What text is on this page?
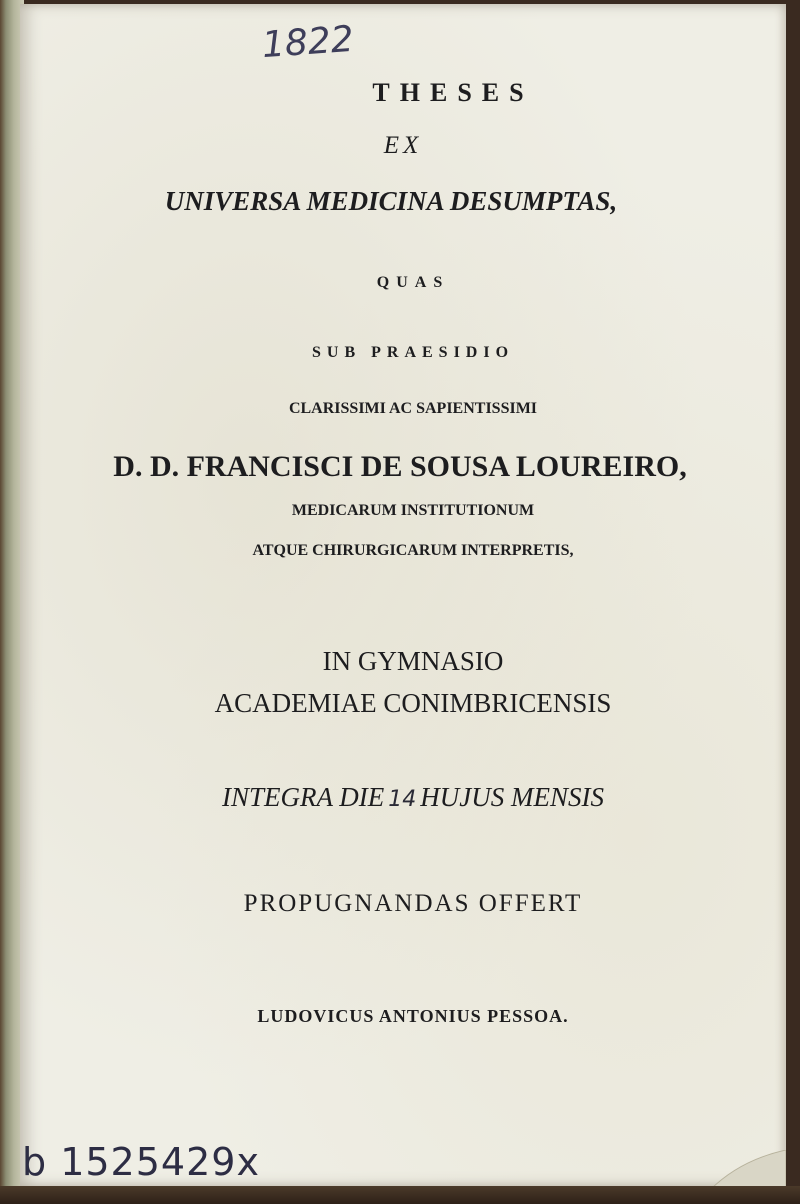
1822

THESES

EX

UNIVERSA MEDICINA DESUMPTAS,

QUAS

SUB PRAESIDIO

CLARISSIMI AC SAPIENTISSIMI

D. D. FRANCISCI DE SOUSA LOUREIRO,

MEDICARUM INSTITUTIONUM

ATQUE CHIRURGICARUM INTERPRETIS,

IN GYMNASIO

ACADEMIAE CONIMBRICENSIS

INTEGRA DIE 14 HUJUS MENSIS

PROPUGNANDAS OFFERT

LUDOVICUS ANTONIUS PESSOA.

b 1525429x
